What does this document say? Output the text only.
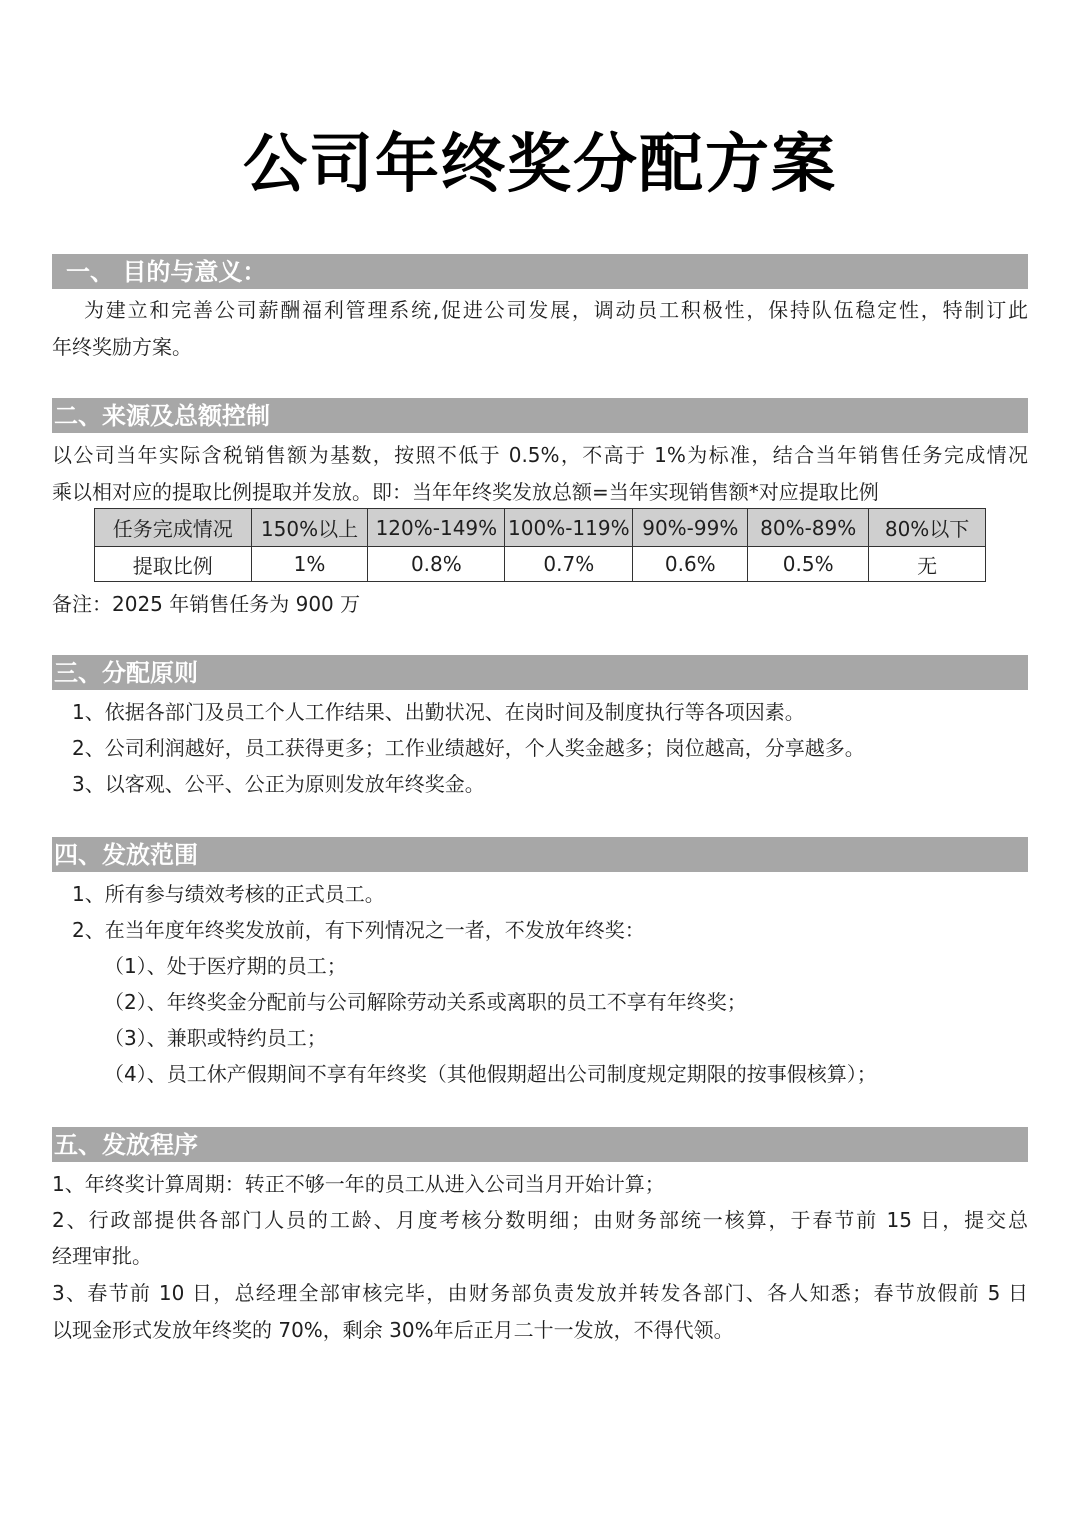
公司年终奖分配方案
一、 目的与意义：
为建立和完善公司薪酬福利管理系统,促进公司发展，调动员工积极性，保持队伍稳定性，特制订此
年终奖励方案。
二、来源及总额控制
以公司当年实际含税销售额为基数，按照不低于 0.5%，不高于 1%为标准，结合当年销售任务完成情况
乘以相对应的提取比例提取并发放。即：当年年终奖发放总额=当年实现销售额*对应提取比例
任务完成情况	150%以上	120%-149%	100%-119%	90%-99%	80%-89%	80%以下
提取比例	1%	0.8%	0.7%	0.6%	0.5%	无
备注：2025 年销售任务为 900 万
三、分配原则
1、依据各部门及员工个人工作结果、出勤状况、在岗时间及制度执行等各项因素。
2、公司利润越好，员工获得更多；工作业绩越好，个人奖金越多；岗位越高，分享越多。
3、以客观、公平、公正为原则发放年终奖金。
四、发放范围
1、所有参与绩效考核的正式员工。
2、在当年度年终奖发放前，有下列情况之一者，不发放年终奖：
（1）、处于医疗期的员工；
（2）、年终奖金分配前与公司解除劳动关系或离职的员工不享有年终奖；
（3）、兼职或特约员工；
（4）、员工休产假期间不享有年终奖（其他假期超出公司制度规定期限的按事假核算）；
五、发放程序
1、年终奖计算周期：转正不够一年的员工从进入公司当月开始计算；
2、行政部提供各部门人员的工龄、月度考核分数明细；由财务部统一核算，于春节前 15 日，提交总
经理审批。
3、春节前 10 日，总经理全部审核完毕，由财务部负责发放并转发各部门、各人知悉；春节放假前 5 日
以现金形式发放年终奖的 70%，剩余 30%年后正月二十一发放，不得代领。
